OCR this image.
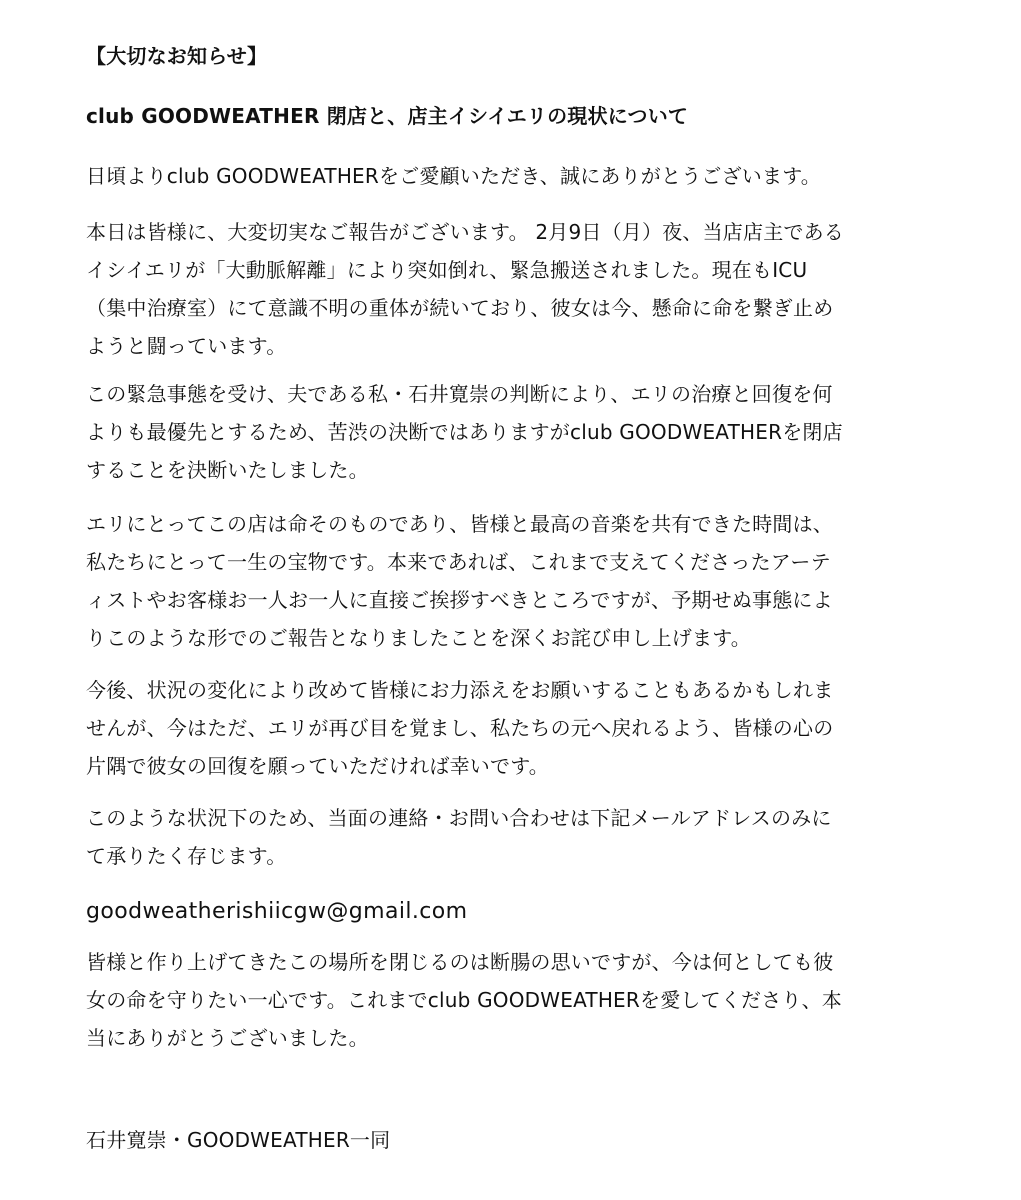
【大切なお知らせ】
club GOODWEATHER 閉店と、店主イシイエリの現状について
日頃よりclub GOODWEATHERをご愛顧いただき、誠にありがとうございます。
本日は皆様に、大変切実なご報告がございます。 2月9日（月）夜、当店店主である
イシイエリが「大動脈解離」により突如倒れ、緊急搬送されました。現在もICU
（集中治療室）にて意識不明の重体が続いており、彼女は今、懸命に命を繋ぎ止め
ようと闘っています。
この緊急事態を受け、夫である私・石井寛崇の判断により、エリの治療と回復を何
よりも最優先とするため、苦渋の決断ではありますがclub GOODWEATHERを閉店
することを決断いたしました。
エリにとってこの店は命そのものであり、皆様と最高の音楽を共有できた時間は、
私たちにとって一生の宝物です。本来であれば、これまで支えてくださったアーテ
ィストやお客様お一人お一人に直接ご挨拶すべきところですが、予期せぬ事態によ
りこのような形でのご報告となりましたことを深くお詫び申し上げます。
今後、状況の変化により改めて皆様にお力添えをお願いすることもあるかもしれま
せんが、今はただ、エリが再び目を覚まし、私たちの元へ戻れるよう、皆様の心の
片隅で彼女の回復を願っていただければ幸いです。
このような状況下のため、当面の連絡・お問い合わせは下記メールアドレスのみに
て承りたく存じます。
goodweatherishiicgw@gmail.com
皆様と作り上げてきたこの場所を閉じるのは断腸の思いですが、今は何としても彼
女の命を守りたい一心です。これまでclub GOODWEATHERを愛してくださり、本
当にありがとうございました。
石井寛崇・GOODWEATHER一同
